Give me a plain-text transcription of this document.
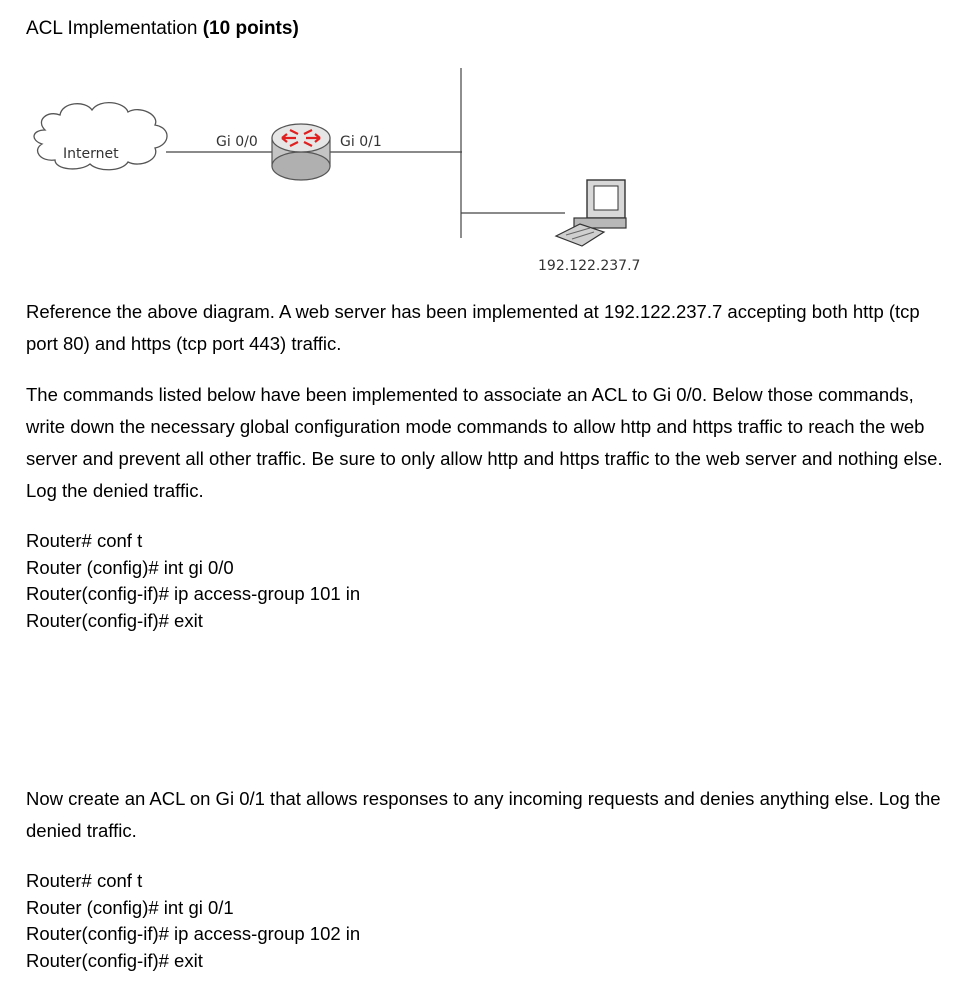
ACL Implementation (10 points)
Internet
Gi 0/0	Gi 0/1
192.122.237.7
Reference the above diagram. A web server has been implemented at 192.122.237.7 accepting both http (tcp port 80) and https (tcp port 443) traffic.
The commands listed below have been implemented to associate an ACL to Gi 0/0. Below those commands, write down the necessary global configuration mode commands to allow http and https traffic to reach the web server and prevent all other traffic. Be sure to only allow http and https traffic to the web server and nothing else. Log the denied traffic.
Router# conf t
Router (config)# int gi 0/0
Router(config-if)# ip access-group 101 in
Router(config-if)# exit
Now create an ACL on Gi 0/1 that allows responses to any incoming requests and denies anything else. Log the denied traffic.
Router# conf t
Router (config)# int gi 0/1
Router(config-if)# ip access-group 102 in
Router(config-if)# exit
